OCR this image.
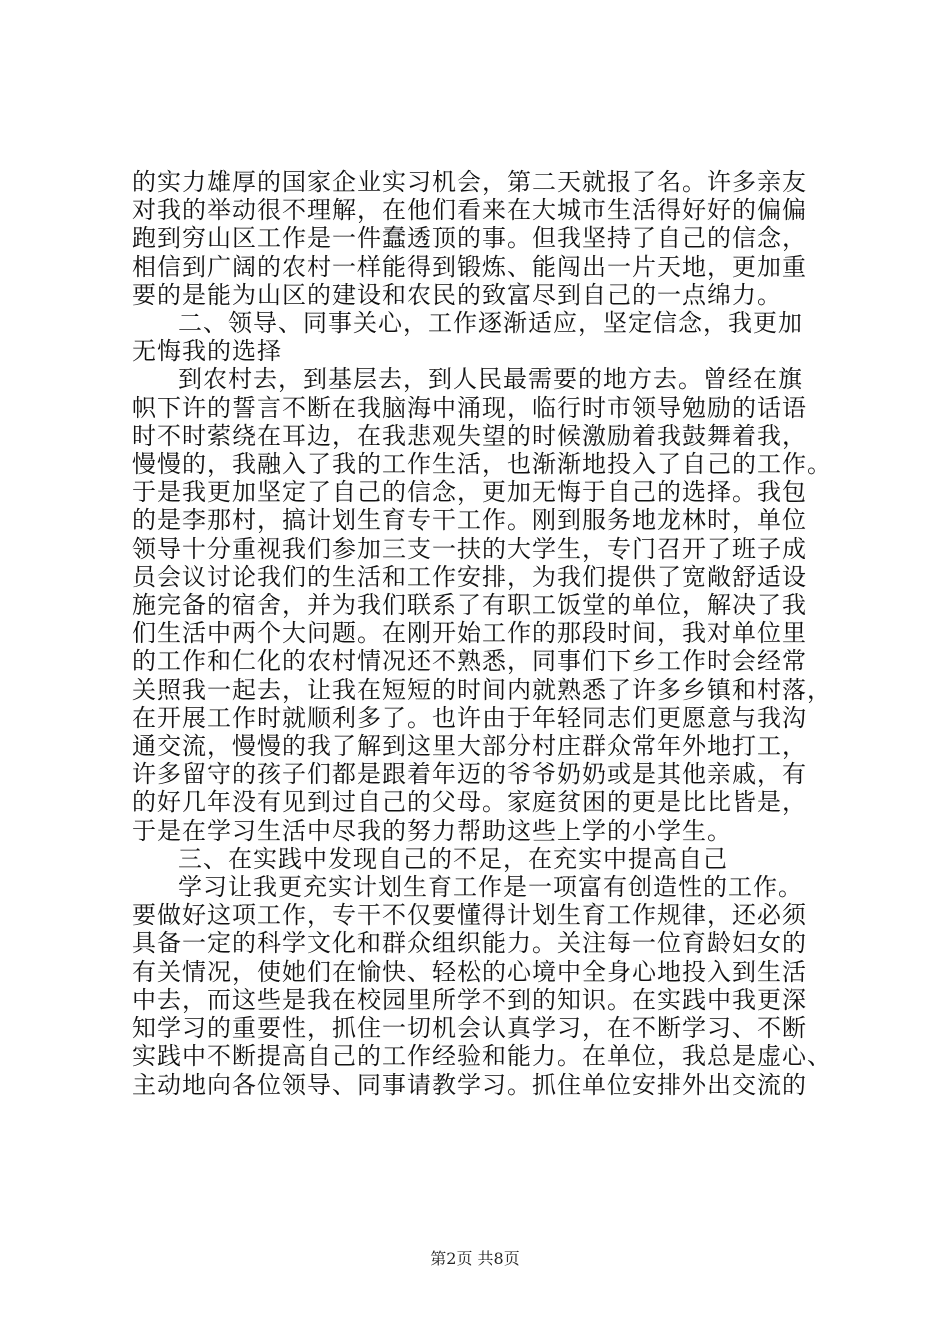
的实力雄厚的国家企业实习机会，第二天就报了名。许多亲友
对我的举动很不理解，在他们看来在大城市生活得好好的偏偏
跑到穷山区工作是一件蠢透顶的事。但我坚持了自己的信念，
相信到广阔的农村一样能得到锻炼、能闯出一片天地，更加重
要的是能为山区的建设和农民的致富尽到自己的一点绵力。
二、领导、同事关心，工作逐渐适应，坚定信念，我更加
无悔我的选择
到农村去，到基层去，到人民最需要的地方去。曾经在旗
帜下许的誓言不断在我脑海中涌现，临行时市领导勉励的话语
时不时萦绕在耳边，在我悲观失望的时候激励着我鼓舞着我，
慢慢的，我融入了我的工作生活，也渐渐地投入了自己的工作。
于是我更加坚定了自己的信念，更加无悔于自己的选择。我包
的是李那村，搞计划生育专干工作。刚到服务地龙林时，单位
领导十分重视我们参加三支一扶的大学生，专门召开了班子成
员会议讨论我们的生活和工作安排，为我们提供了宽敞舒适设
施完备的宿舍，并为我们联系了有职工饭堂的单位，解决了我
们生活中两个大问题。在刚开始工作的那段时间，我对单位里
的工作和仁化的农村情况还不熟悉，同事们下乡工作时会经常
关照我一起去，让我在短短的时间内就熟悉了许多乡镇和村落，
在开展工作时就顺利多了。也许由于年轻同志们更愿意与我沟
通交流，慢慢的我了解到这里大部分村庄群众常年外地打工，
许多留守的孩子们都是跟着年迈的爷爷奶奶或是其他亲戚，有
的好几年没有见到过自己的父母。家庭贫困的更是比比皆是，
于是在学习生活中尽我的努力帮助这些上学的小学生。
三、在实践中发现自己的不足，在充实中提高自己
学习让我更充实计划生育工作是一项富有创造性的工作。
要做好这项工作，专干不仅要懂得计划生育工作规律，还必须
具备一定的科学文化和群众组织能力。关注每一位育龄妇女的
有关情况，使她们在愉快、轻松的心境中全身心地投入到生活
中去，而这些是我在校园里所学不到的知识。在实践中我更深
知学习的重要性，抓住一切机会认真学习，在不断学习、不断
实践中不断提高自己的工作经验和能力。在单位，我总是虚心、
主动地向各位领导、同事请教学习。抓住单位安排外出交流的
第2页 共8页
